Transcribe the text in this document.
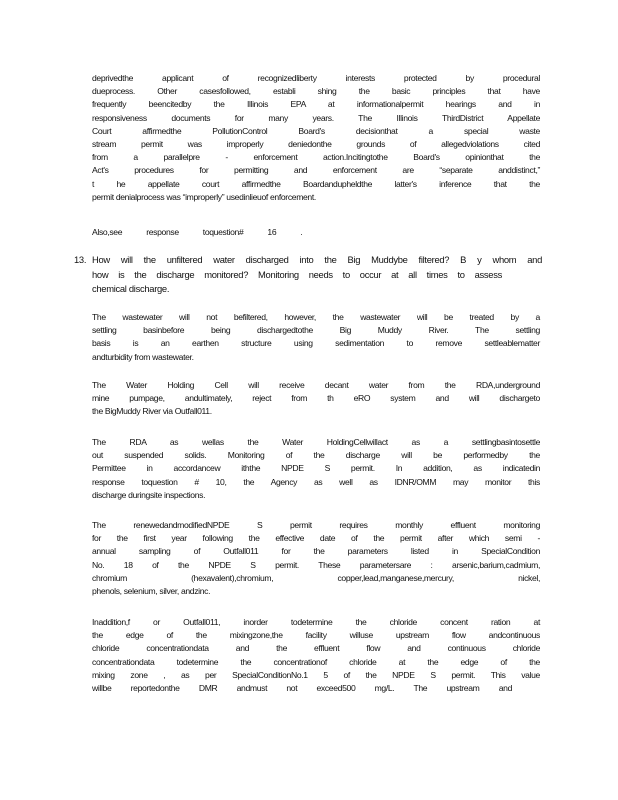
deprivedthe applicant of recognizedliberty interests protected by procedural
dueprocess. Other casesfollowed, establi shing the basic principles that have
frequently beencitedby the Illinois EPA at informationalpermit hearings and in
responsiveness documents for many years. The Illinois ThirdDistrict Appellate
Court affirmedthe PollutionControl Board's decisionthat a special waste
stream permit was improperly deniedonthe grounds of allegedviolations cited
from a parallelpre - enforcement action.Incitingtothe Board's opinionthat the
Act's procedures for permitting and enforcement are “separate anddistinct,”
t he appellate court affirmedthe Boardandupheldthe latter's inference that the
permit denialprocess was “improperly” usedinlieuof enforcement.
Also,see response toquestion# 16 .
13. How will the unfiltered water discharged into the Big Muddybe filtered? B y whom and
how is the discharge monitored? Monitoring needs to occur at all times to assess
chemical discharge.
The wastewater will not befiltered, however, the wastewater will be treated by a
settling basinbefore being dischargedtothe Big Muddy River. The settling
basis is an earthen structure using sedimentation to remove settleablematter
andturbidity from wastewater.
The Water Holding Cell will receive decant water from the RDA,underground
mine pumpage, andultimately, reject from th eRO system and will dischargeto
the BigMuddy River via Outfall011.
The RDA as wellas the Water HoldingCellwillact as a settlingbasintosettle
out suspended solids. Monitoring of the discharge will be performedby the
Permittee in accordancew iththe NPDE S permit. In addition, as indicatedin
response toquestion # 10, the Agency as well as IDNR/OMM may monitor this
discharge duringsite inspections.
The renewedandmodifiedNPDE S permit requires monthly effluent monitoring
for the first year following the effective date of the permit after which semi -
annual sampling of Outfall011 for the parameters listed in SpecialCondition
No. 18 of the NPDE S permit. These parametersare : arsenic,barium,cadmium,
chromium (hexavalent),chromium, copper,lead,manganese,mercury, nickel,
phenols, selenium, silver, andzinc.
Inaddition,f or Outfall011, inorder todetermine the chloride concent ration at
the edge of the mixingzone,the facility willuse upstream flow andcontinuous
chloride concentrationdata and the effluent flow and continuous chloride
concentrationdata todetermine the concentrationof chloride at the edge of the
mixing zone , as per SpecialConditionNo.1 5 of the NPDE S permit. This value
willbe reportedonthe DMR andmust not exceed500 mg/L. The upstream and
